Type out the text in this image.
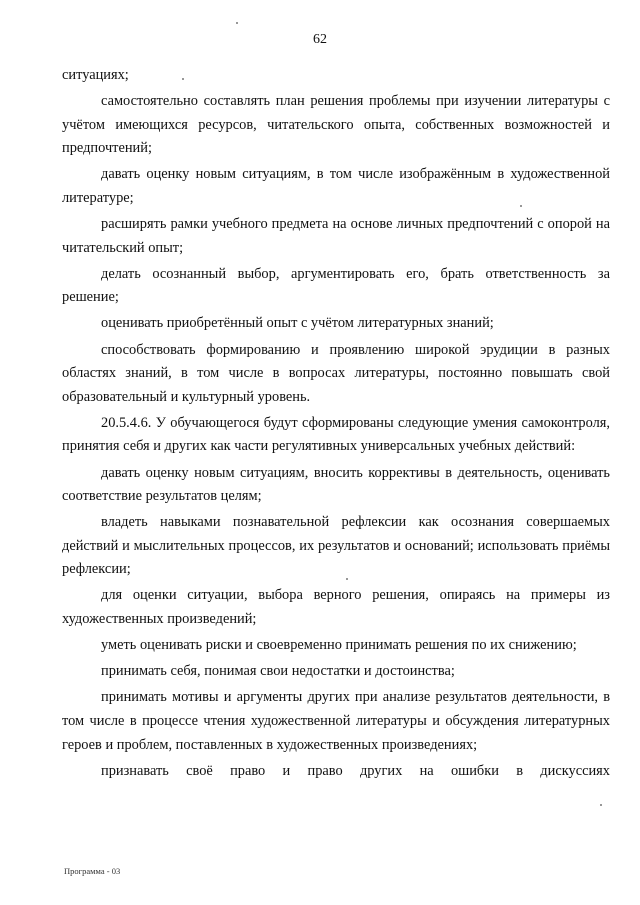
62

ситуациях;

самостоятельно составлять план решения проблемы при изучении литературы с учётом имеющихся ресурсов, читательского опыта, собственных возможностей и предпочтений;

давать оценку новым ситуациям, в том числе изображённым в художественной литературе;

расширять рамки учебного предмета на основе личных предпочтений с опорой на читательский опыт;

делать осознанный выбор, аргументировать его, брать ответственность за решение;

оценивать приобретённый опыт с учётом литературных знаний;

способствовать формированию и проявлению широкой эрудиции в разных областях знаний, в том числе в вопросах литературы, постоянно повышать свой образовательный и культурный уровень.

20.5.4.6. У обучающегося будут сформированы следующие умения самоконтроля, принятия себя и других как части регулятивных универсальных учебных действий:

давать оценку новым ситуациям, вносить коррективы в деятельность, оценивать соответствие результатов целям;

владеть навыками познавательной рефлексии как осознания совершаемых действий и мыслительных процессов, их результатов и оснований; использовать приёмы рефлексии;

для оценки ситуации, выбора верного решения, опираясь на примеры из художественных произведений;

уметь оценивать риски и своевременно принимать решения по их снижению;

принимать себя, понимая свои недостатки и достоинства;

принимать мотивы и аргументы других при анализе результатов деятельности, в том числе в процессе чтения художественной литературы и обсуждения литературных героев и проблем, поставленных в художественных произведениях;

признавать своё право и право других на ошибки в дискуссиях

Программа - 03
